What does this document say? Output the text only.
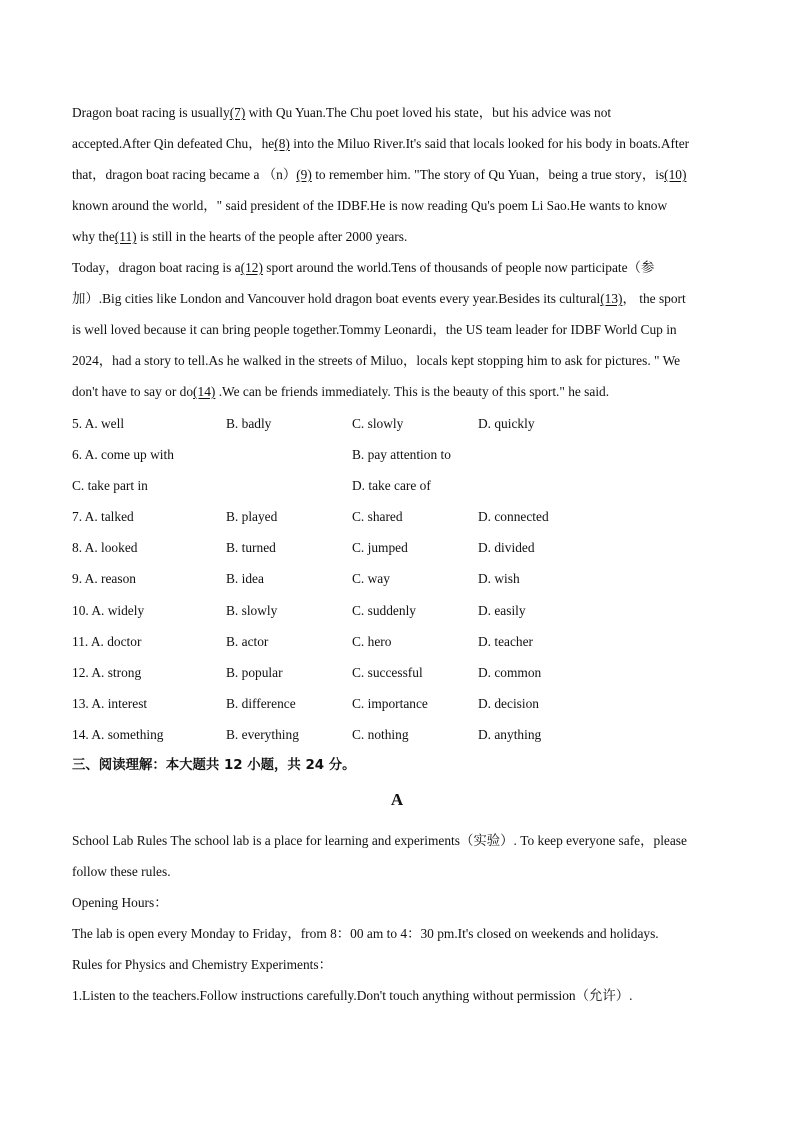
Dragon boat racing is usually(7) with Qu Yuan.The Chu poet loved his state，but his advice was not
accepted.After Qin defeated Chu，he(8) into the Miluo River.It's said that locals looked for his body in boats.After
that，dragon boat racing became a （n）(9) to remember him. "The story of Qu Yuan，being a true story，is(10)
known around the world，" said president of the IDBF.He is now reading Qu's poem Li Sao.He wants to know
why the(11) is still in the hearts of the people after 2000 years.
Today，dragon boat racing is a(12) sport around the world.Tens of thousands of people now participate（参
加）.Big cities like London and Vancouver hold dragon boat events every year.Besides its cultural(13)， the sport
is well loved because it can bring people together.Tommy Leonardi，the US team leader for IDBF World Cup in
2024，had a story to tell.As he walked in the streets of Miluo，locals kept stopping him to ask for pictures. " We
don't have to say or do(14) .We can be friends immediately. This is the beauty of this sport." he said.
5. A. well	B. badly	C. slowly	D. quickly
6. A. come up with	B. pay attention to
C. take part in	D. take care of
7. A. talked	B. played	C. shared	D. connected
8. A. looked	B. turned	C. jumped	D. divided
9. A. reason	B. idea	C. way	D. wish
10. A. widely	B. slowly	C. suddenly	D. easily
11. A. doctor	B. actor	C. hero	D. teacher
12. A. strong	B. popular	C. successful	D. common
13. A. interest	B. difference	C. importance	D. decision
14. A. something	B. everything	C. nothing	D. anything
三、阅读理解：本大题共 12 小题，共 24 分。
A
School Lab Rules The school lab is a place for learning and experiments（实验）. To keep everyone safe，please
follow these rules.
Opening Hours：
The lab is open every Monday to Friday，from 8：00 am to 4：30 pm.It's closed on weekends and holidays.
Rules for Physics and Chemistry Experiments：
1.Listen to the teachers.Follow instructions carefully.Don't touch anything without permission（允许）.
